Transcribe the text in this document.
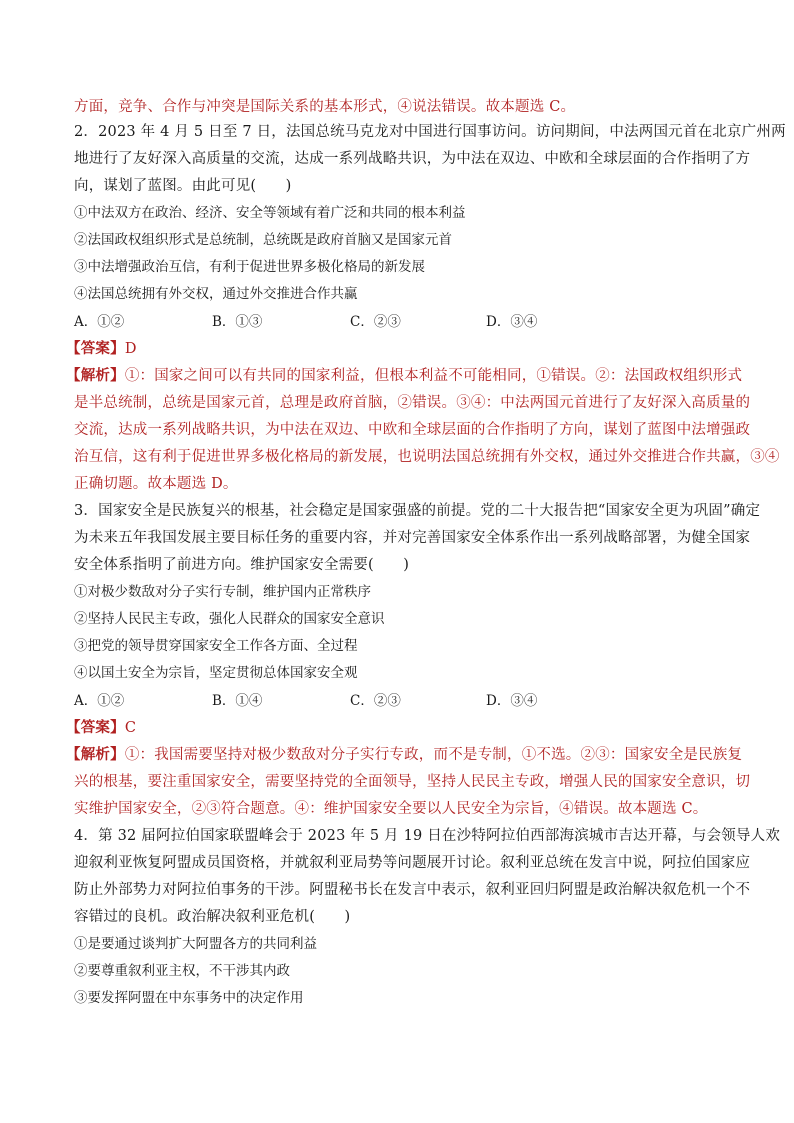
方面，竞争、合作与冲突是国际关系的基本形式，④说法错误。故本题选 C。
2．2023 年 4 月 5 日至 7 日，法国总统马克龙对中国进行国事访问。访问期间，中法两国元首在北京广州两
地进行了友好深入高质量的交流，达成一系列战略共识，为中法在双边、中欧和全球层面的合作指明了方
向，谋划了蓝图。由此可见(　　)
①中法双方在政治、经济、安全等领域有着广泛和共同的根本利益
②法国政权组织形式是总统制，总统既是政府首脑又是国家元首
③中法增强政治互信，有利于促进世界多极化格局的新发展
④法国总统拥有外交权，通过外交推进合作共赢
A．①②	B．①③	C．②③	D．③④
【答案】D
【解析】①：国家之间可以有共同的国家利益，但根本利益不可能相同，①错误。②：法国政权组织形式
是半总统制，总统是国家元首，总理是政府首脑，②错误。③④：中法两国元首进行了友好深入高质量的
交流，达成一系列战略共识，为中法在双边、中欧和全球层面的合作指明了方向，谋划了蓝图中法增强政
治互信，这有利于促进世界多极化格局的新发展，也说明法国总统拥有外交权，通过外交推进合作共赢，③④
正确切题。故本题选 D。
3．国家安全是民族复兴的根基，社会稳定是国家强盛的前提。党的二十大报告把“国家安全更为巩固”确定
为未来五年我国发展主要目标任务的重要内容，并对完善国家安全体系作出一系列战略部署，为健全国家
安全体系指明了前进方向。维护国家安全需要(　　)
①对极少数敌对分子实行专制，维护国内正常秩序
②坚持人民民主专政，强化人民群众的国家安全意识
③把党的领导贯穿国家安全工作各方面、全过程
④以国土安全为宗旨，坚定贯彻总体国家安全观
A．①②	B．①④	C．②③	D．③④
【答案】C
【解析】①：我国需要坚持对极少数敌对分子实行专政，而不是专制，①不选。②③：国家安全是民族复
兴的根基，要注重国家安全，需要坚持党的全面领导，坚持人民民主专政，增强人民的国家安全意识，切
实维护国家安全，②③符合题意。④：维护国家安全要以人民安全为宗旨，④错误。故本题选 C。
4．第 32 届阿拉伯国家联盟峰会于 2023 年 5 月 19 日在沙特阿拉伯西部海滨城市吉达开幕，与会领导人欢
迎叙利亚恢复阿盟成员国资格，并就叙利亚局势等问题展开讨论。叙利亚总统在发言中说，阿拉伯国家应
防止外部势力对阿拉伯事务的干涉。阿盟秘书长在发言中表示，叙利亚回归阿盟是政治解决叙危机一个不
容错过的良机。政治解决叙利亚危机(　　)
①是要通过谈判扩大阿盟各方的共同利益
②要尊重叙利亚主权，不干涉其内政
③要发挥阿盟在中东事务中的决定作用
